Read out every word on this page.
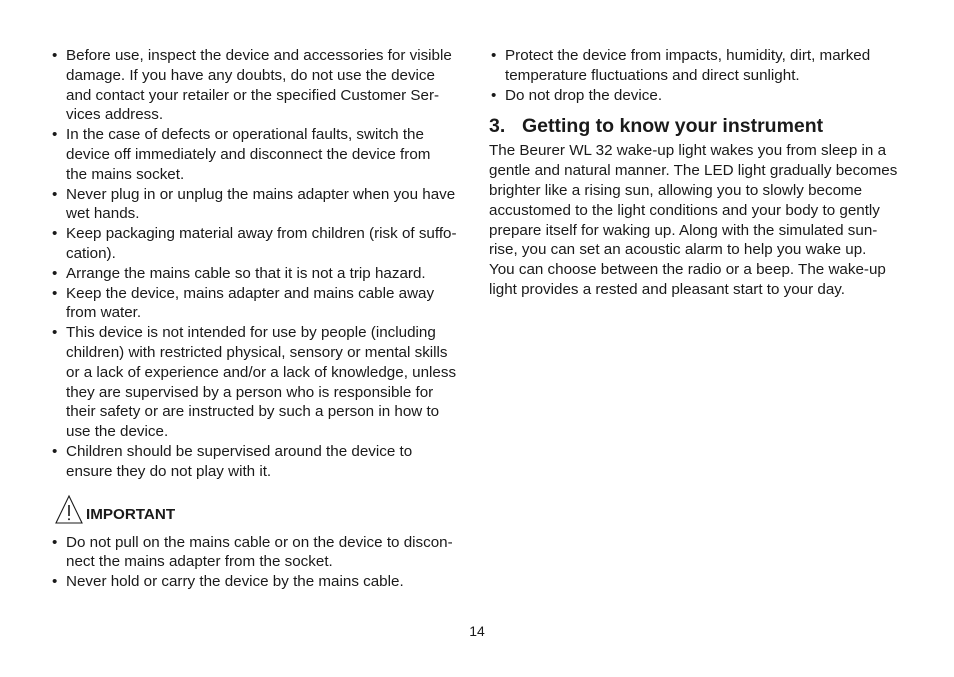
• Before use, inspect the device and accessories for visible
damage. If you have any doubts, do not use the device
and contact your retailer or the specified Customer Ser-
vices address.
• In the case of defects or operational faults, switch the
device off immediately and disconnect the device from
the mains socket.
• Never plug in or unplug the mains adapter when you have
wet hands.
• Keep packaging material away from children (risk of suffo-
cation).
• Arrange the mains cable so that it is not a trip hazard.
• Keep the device, mains adapter and mains cable away
from water.
• This device is not intended for use by people (including
children) with restricted physical, sensory or mental skills
or a lack of experience and/or a lack of knowledge, unless
they are supervised by a person who is responsible for
their safety or are instructed by such a person in how to
use the device.
• Children should be supervised around the device to
ensure they do not play with it.
IMPORTANT
• Do not pull on the mains cable or on the device to discon-
nect the mains adapter from the socket.
• Never hold or carry the device by the mains cable.
• Protect the device from impacts, humidity, dirt, marked
temperature fluctuations and direct sunlight.
• Do not drop the device.
3. Getting to know your instrument

The Beurer WL 32 wake-up light wakes you from sleep in a
gentle and natural manner. The LED light gradually becomes
brighter like a rising sun, allowing you to slowly become
accustomed to the light conditions and your body to gently
prepare itself for waking up. Along with the simulated sun-
rise, you can set an acoustic alarm to help you wake up.
You can choose between the radio or a beep. The wake-up
light provides a rested and pleasant start to your day.

14
